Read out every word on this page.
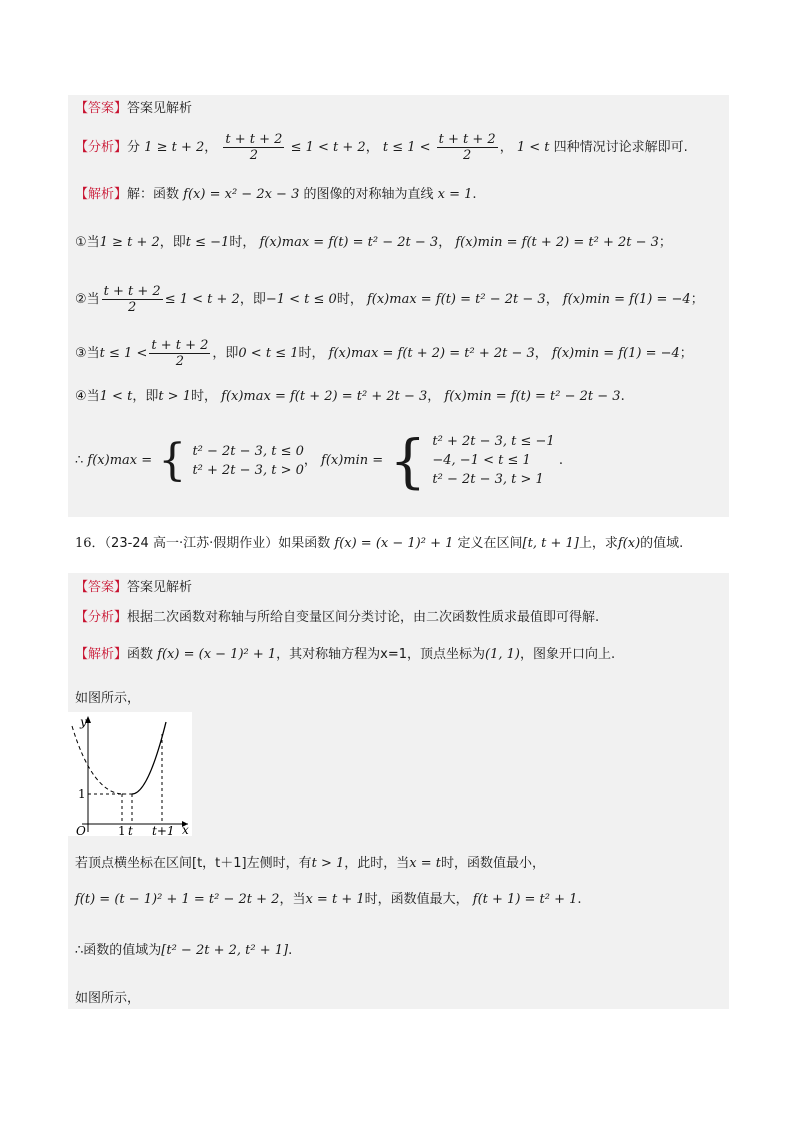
【答案】答案见解析
【分析】分 1 ≥ t + 2， $\frac{t + t + 2}{2} \le 1 < t + 2$， $t \le 1 < \frac{t + t + 2}{2}$ ， 1 < t 四种情况讨论求解即可.
【解析】解：函数 f(x) = x² − 2x − 3 的图像的对称轴为直线 x = 1.
①当1 ≥ t + 2，即t ≤ −1时， f(x)max = f(t) = t² − 2t − 3， f(x)min = f(t + 2) = t² + 2t − 3；
②当 $\frac{t + t + 2}{2} \le 1 < t + 2$，即−1 < t ≤ 0时， f(x)max = f(t) = t² − 2t − 3， f(x)min = f(1) = −4；
③当$t \le 1 < \frac{t + t + 2}{2}$ ，即0 < t ≤ 1时， f(x)max = f(t + 2) = t² + 2t − 3， f(x)min = f(1) = −4；
④当1 < t，即t > 1时， f(x)max = f(t + 2) = t² + 2t − 3， f(x)min = f(t) = t² − 2t − 3.
∴ f(x)max = { t² − 2t − 3, t ≤ 0
t² + 2t − 3, t > 0
， f(x)min = { t² + 2t − 3, t ≤ −1
−4, −1 < t ≤ 1
t² − 2t − 3, t > 1
.
16．（23-24 高一·江苏·假期作业）如果函数 f(x) = (x − 1)² + 1 定义在区间[t, t + 1]上，求f(x)的值域.
【答案】答案见解析
【分析】根据二次函数对称轴与所给自变量区间分类讨论，由二次函数性质求最值即可得解.
【解析】函数 f(x) = (x − 1)² + 1，其对称轴方程为x=1，顶点坐标为(1, 1)，图象开口向上.
如图所示，
y
x
O
1
1 t t+1
若顶点横坐标在区间[t，t＋1]左侧时，有t > 1，此时，当x = t时，函数值最小，
f(t) = (t − 1)² + 1 = t² − 2t + 2，当x = t + 1时，函数值最大， f(t + 1) = t² + 1.
∴函数的值域为[t² − 2t + 2, t² + 1].
如图所示，
